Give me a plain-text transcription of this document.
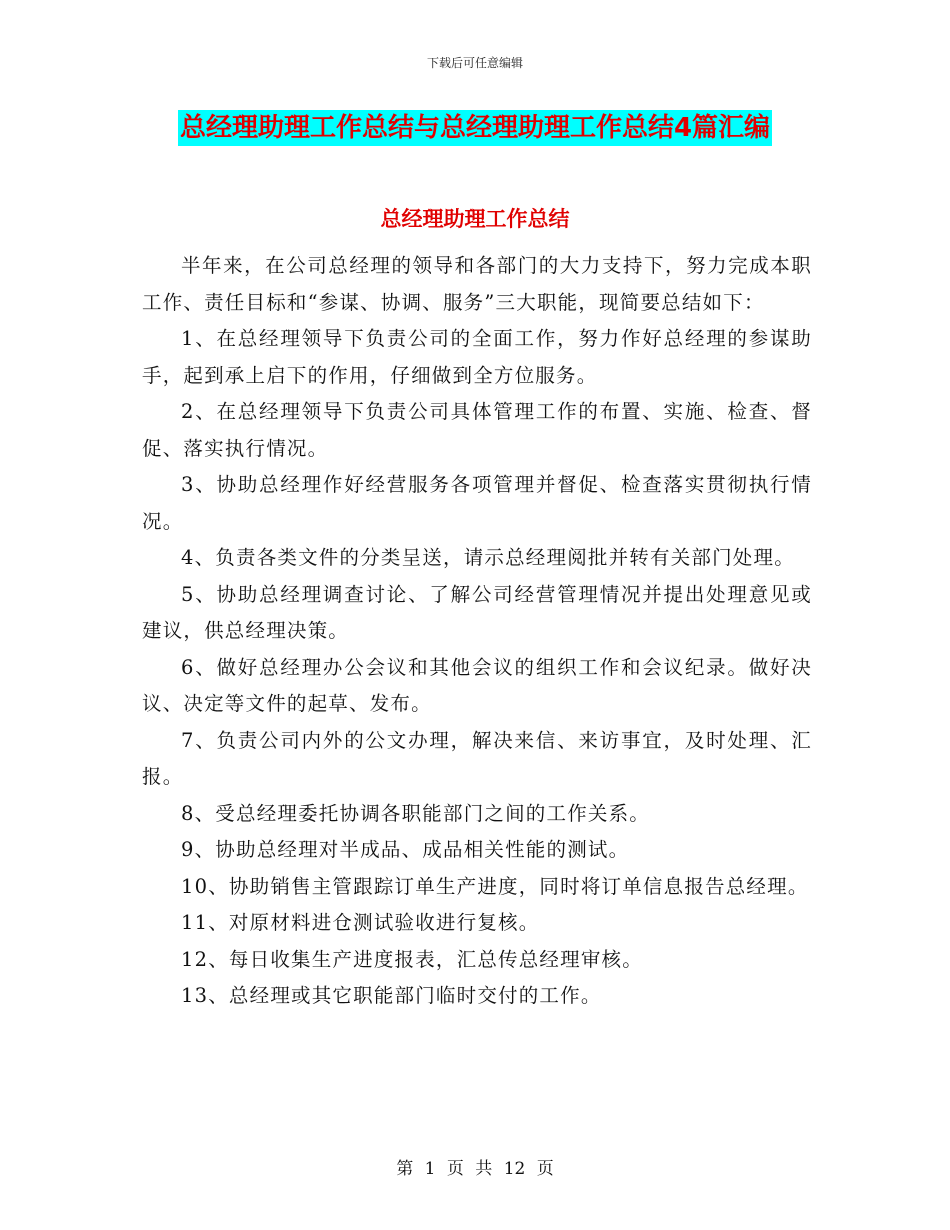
下载后可任意编辑
总经理助理工作总结与总经理助理工作总结4篇汇编
总经理助理工作总结

半年来，在公司总经理的领导和各部门的大力支持下，努力完成本职工作、责任目标和“参谋、协调、服务”三大职能，现简要总结如下：

1、在总经理领导下负责公司的全面工作，努力作好总经理的参谋助手，起到承上启下的作用，仔细做到全方位服务。

2、在总经理领导下负责公司具体管理工作的布置、实施、检查、督促、落实执行情况。

3、协助总经理作好经营服务各项管理并督促、检查落实贯彻执行情况。

4、负责各类文件的分类呈送，请示总经理阅批并转有关部门处理。

5、协助总经理调查讨论、了解公司经营管理情况并提出处理意见或建议，供总经理决策。

6、做好总经理办公会议和其他会议的组织工作和会议纪录。做好决议、决定等文件的起草、发布。

7、负责公司内外的公文办理，解决来信、来访事宜，及时处理、汇报。

8、受总经理委托协调各职能部门之间的工作关系。

9、协助总经理对半成品、成品相关性能的测试。

10、协助销售主管跟踪订单生产进度，同时将订单信息报告总经理。

11、对原材料进仓测试验收进行复核。

12、每日收集生产进度报表，汇总传总经理审核。

13、总经理或其它职能部门临时交付的工作。

第 1 页 共 12 页
